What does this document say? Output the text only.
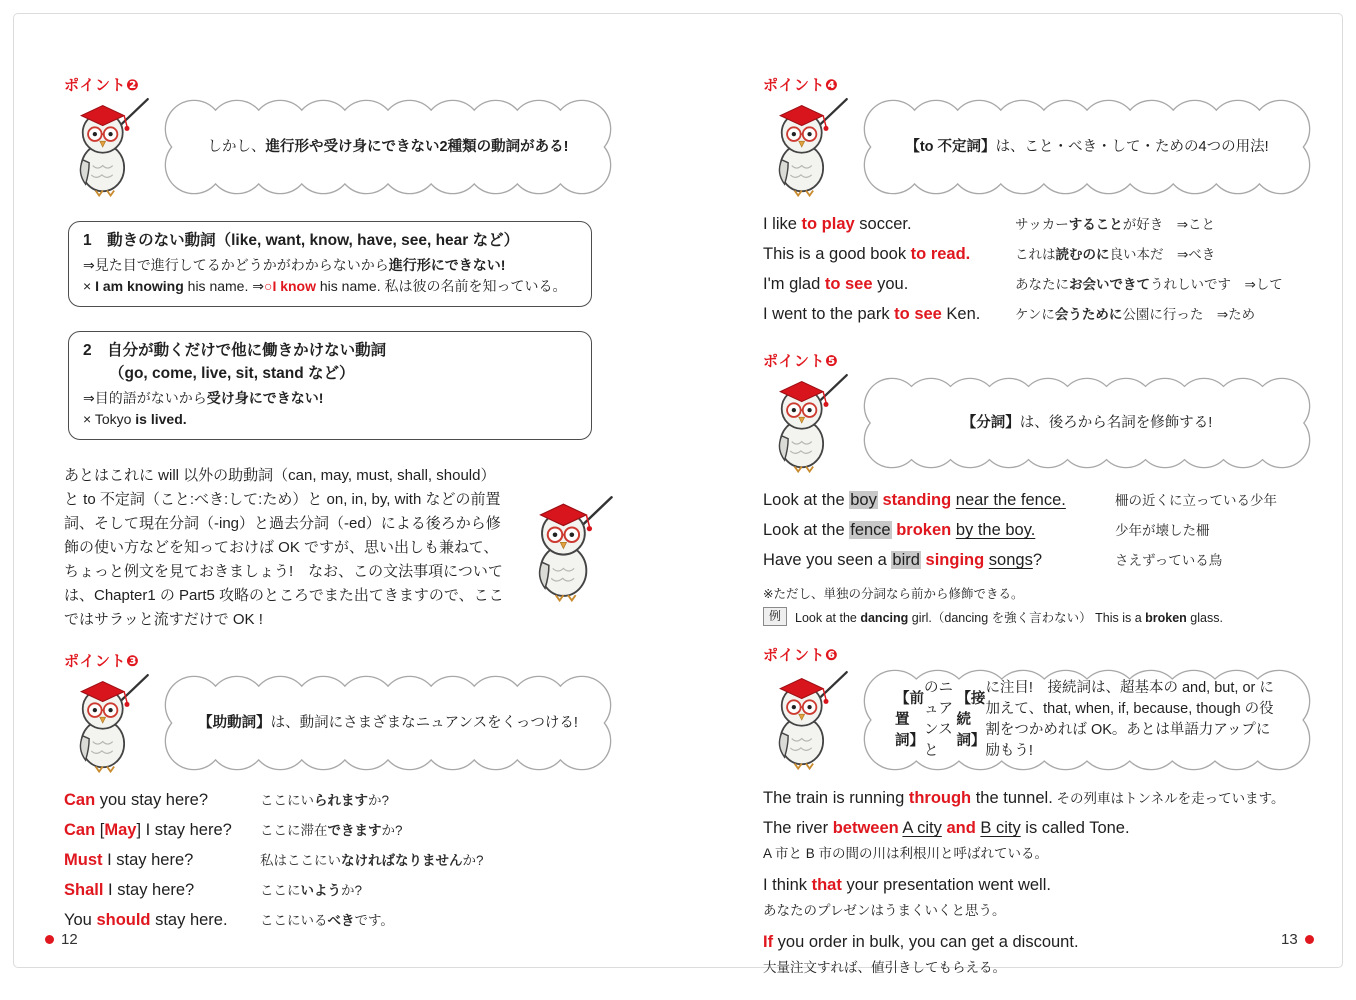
ポイント❷
しかし、 進行形や受け身にできない2種類の動詞がある!
1　動きのない動詞（like, want, know, have, see, hear など）
⇒見た目で進行してるかどうかがわからないから進行形にできない!
× I am knowing his name. ⇒○I know his name. 私は彼の名前を知っている。
2　自分が動くだけで他に働きかけない動詞
（go, come, live, sit, stand など）
⇒目的語がないから受け身にできない!
× Tokyo is lived.

あとはこれに will 以外の助動詞（can, may, must, shall, should）と to 不定詞（こと:べき:して:ため）と on, in, by, with などの前置詞、そして現在分詞（-ing）と過去分詞（-ed）による後ろから修飾の使い方などを知っておけば OK ですが、思い出しも兼ねて、ちょっと例文を見ておきましょう!　なお、この文法事項については、Chapter1 の Part5 攻略のところでまた出てきますので、ここではサラッと流すだけで OK !

ポイント❸
【助動詞】 は、動詞にさまざまなニュアンスをくっつける!
Can you stay here?	ここにいられますか?
Can [May] I stay here?	ここに滞在できますか?
Must I stay here?	私はここにいなければなりませんか?
Shall I stay here?	ここにいようか?
You should stay here.	ここにいるべきです。
ポイント❹
【to 不定詞】 は、こと・べき・して・ための4つの用法!
I like to play soccer.	サッカーすることが好き　⇒こと
This is a good book to read.	これは読むのに良い本だ　⇒べき
I'm glad to see you.	あなたにお会いできてうれしいです　⇒して
I went to the park to see Ken.	ケンに会うために公園に行った　⇒ため
ポイント❺
【分詞】 は、後ろから名詞を修飾する!
Look at the boy standing near the fence.	柵の近くに立っている少年
Look at the fence broken by the boy.	少年が壊した柵
Have you seen a bird singing songs?	さえずっている鳥
※ただし、単独の分詞なら前から修飾できる。
例	Look at the dancing girl.（dancing を強く言わない） This is a broken glass.
ポイント❻
【前置詞】
のニュアンスと
【接続詞】
に注目!　接続詞は、超基本の and, but, or に加えて、that, when, if, because, though の役割をつかめれば OK。あとは単語力アップに励もう!
The train is running through the tunnel. その列車はトンネルを走っています。
The river between A city and B city is called Tone.
A 市と B 市の間の川は利根川と呼ばれている。
I think that your presentation went well.
あなたのプレゼンはうまくいくと思う。
If you order in bulk, you can get a discount.
大量注文すれば、値引きしてもらえる。
12	13
